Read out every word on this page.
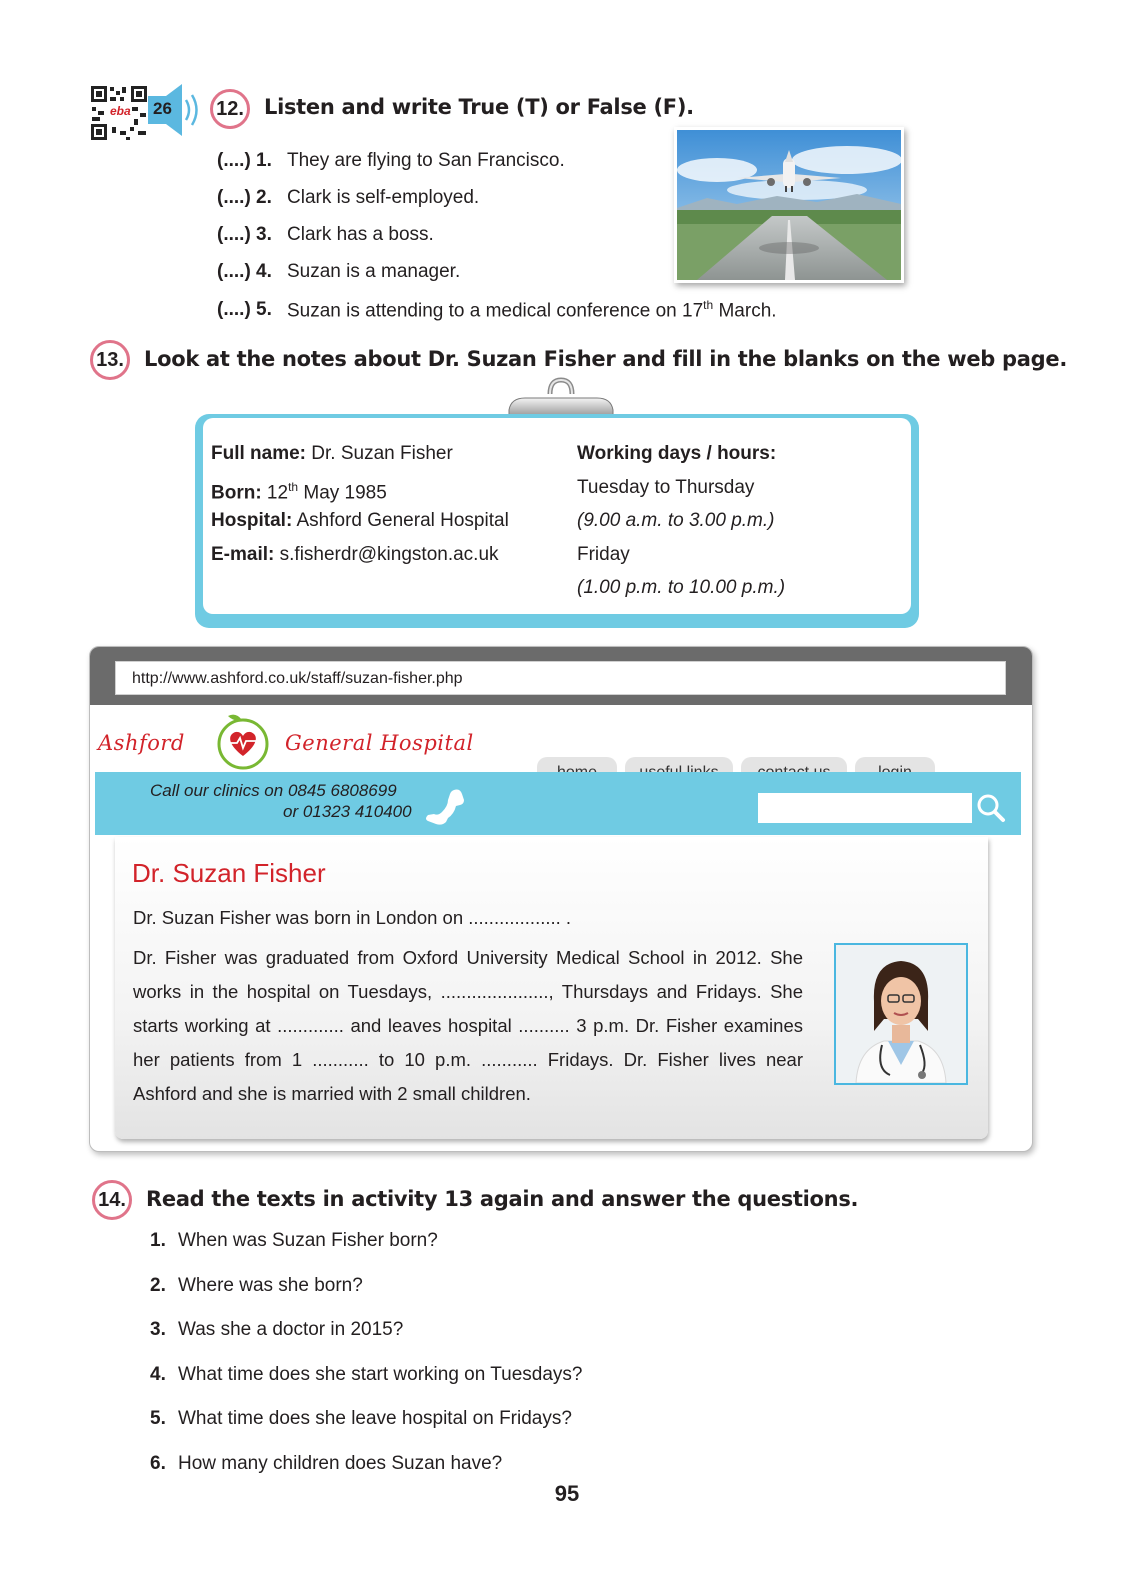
eba 26	12. Listen and write True (T) or False (F).
(....) 1. They are flying to San Francisco.
(....) 2. Clark is self-employed.
(....) 3. Clark has a boss.
(....) 4. Suzan is a manager.
(....) 5. Suzan is attending to a medical conference on 17th March.
13. Look at the notes about Dr. Suzan Fisher and fill in the blanks on the web page.
Full name: Dr. Suzan Fisher
Born: 12th May 1985
Hospital: Ashford General Hospital
E-mail: s.fisherdr@kingston.ac.uk
Working days / hours:
Tuesday to Thursday
(9.00 a.m. to 3.00 p.m.)
Friday
(1.00 p.m. to 10.00 p.m.)
http://www.ashford.co.uk/staff/suzan-fisher.php
Ashford	General Hospital
Call our clinics on 0845 6808699
or 01323 410400
Dr. Suzan Fisher
Dr. Suzan Fisher was born in London on .................. .
Dr. Fisher was graduated from Oxford University Medical School in 2012. She works in the hospital on Tuesdays, ....................., Thursdays and Fridays. She starts working at ............. and leaves hospital .......... 3 p.m. Dr. Fisher examines her patients from 1 ........... to 10 p.m. ........... Fridays. Dr. Fisher lives near Ashford and she is married with 2 small children.
14. Read the texts in activity 13 again and answer the questions.
1. When was Suzan Fisher born?
2. Where was she born?
3. Was she a doctor in 2015?
4. What time does she start working on Tuesdays?
5. What time does she leave hospital on Fridays?
6. How many children does Suzan have?
95
